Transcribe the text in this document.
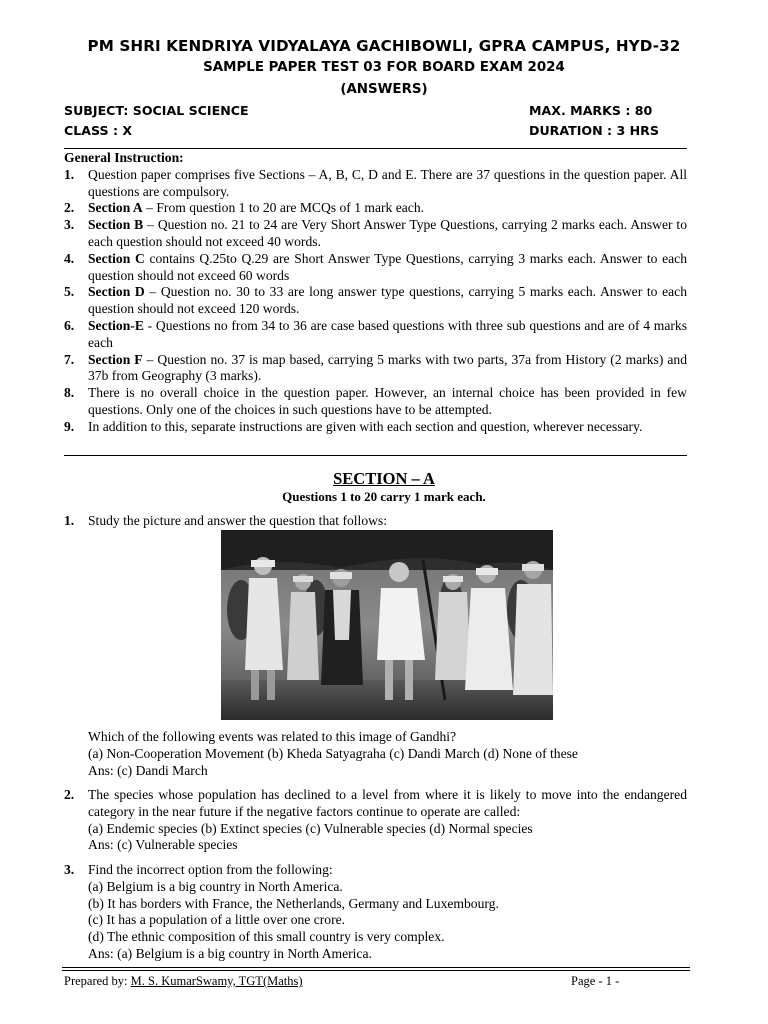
PM SHRI KENDRIYA VIDYALAYA GACHIBOWLI, GPRA CAMPUS, HYD-32
SAMPLE PAPER TEST 03 FOR BOARD EXAM 2024
(ANSWERS)
SUBJECT: SOCIAL SCIENCE	MAX. MARKS : 80
CLASS : X	DURATION : 3 HRS
General Instruction:
1. Question paper comprises five Sections – A, B, C, D and E. There are 37 questions in the question paper. All questions are compulsory.
2. Section A – From question 1 to 20 are MCQs of 1 mark each.
3. Section B – Question no. 21 to 24 are Very Short Answer Type Questions, carrying 2 marks each. Answer to each question should not exceed 40 words.
4. Section C contains Q.25to Q.29 are Short Answer Type Questions, carrying 3 marks each. Answer to each question should not exceed 60 words
5. Section D – Question no. 30 to 33 are long answer type questions, carrying 5 marks each. Answer to each question should not exceed 120 words.
6. Section-E - Questions no from 34 to 36 are case based questions with three sub questions and are of 4 marks each
7. Section F – Question no. 37 is map based, carrying 5 marks with two parts, 37a from History (2 marks) and 37b from Geography (3 marks).
8. There is no overall choice in the question paper. However, an internal choice has been provided in few questions. Only one of the choices in such questions have to be attempted.
9. In addition to this, separate instructions are given with each section and question, wherever necessary.
SECTION – A
Questions 1 to 20 carry 1 mark each.
1. Study the picture and answer the question that follows:
Which of the following events was related to this image of Gandhi?
(a) Non-Cooperation Movement (b) Kheda Satyagraha (c) Dandi March (d) None of these
Ans: (c) Dandi March
2. The species whose population has declined to a level from where it is likely to move into the endangered category in the near future if the negative factors continue to operate are called:
(a) Endemic species (b) Extinct species (c) Vulnerable species (d) Normal species
Ans: (c) Vulnerable species
3. Find the incorrect option from the following:
(a) Belgium is a big country in North America.
(b) It has borders with France, the Netherlands, Germany and Luxembourg.
(c) It has a population of a little over one crore.
(d) The ethnic composition of this small country is very complex.
Ans: (a) Belgium is a big country in North America.
Prepared by: M. S. KumarSwamy, TGT(Maths)	Page - 1 -
